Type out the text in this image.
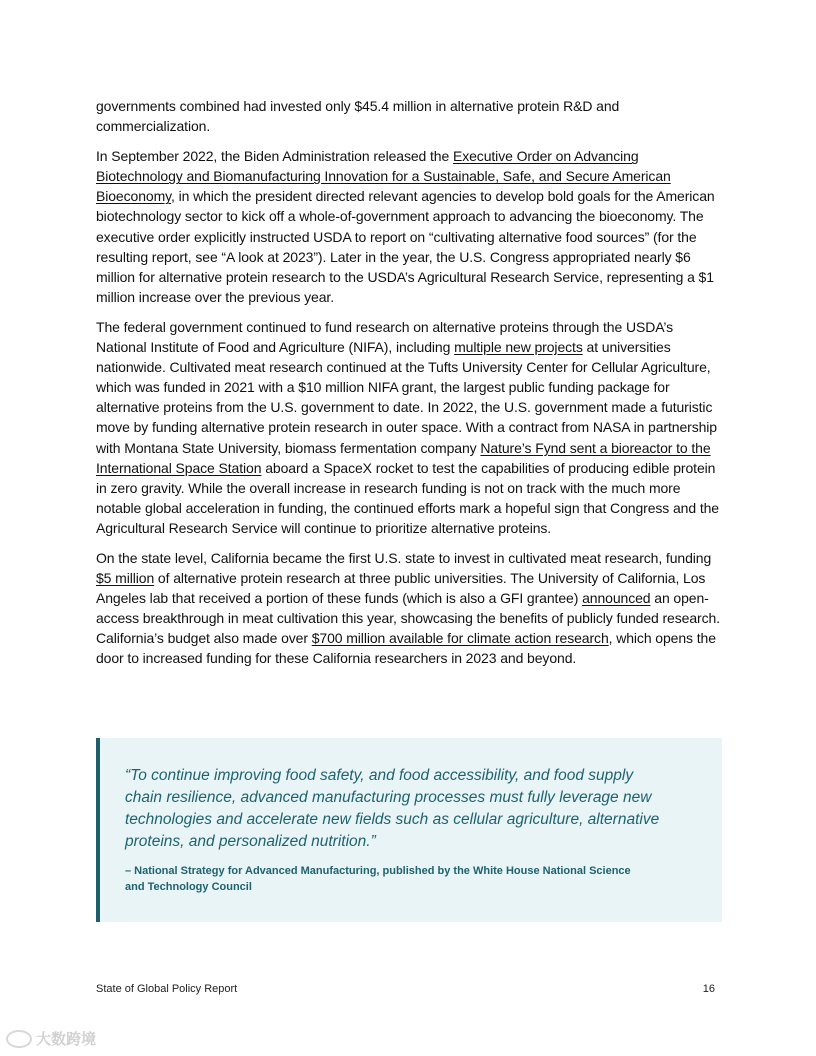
governments combined had invested only $45.4 million in alternative protein R&D and commercialization.

In September 2022, the Biden Administration released the Executive Order on Advancing Biotechnology and Biomanufacturing Innovation for a Sustainable, Safe, and Secure American Bioeconomy, in which the president directed relevant agencies to develop bold goals for the American biotechnology sector to kick off a whole-of-government approach to advancing the bioeconomy. The executive order explicitly instructed USDA to report on “cultivating alternative food sources” (for the resulting report, see “A look at 2023”). Later in the year, the U.S. Congress appropriated nearly $6 million for alternative protein research to the USDA’s Agricultural Research Service, representing a $1 million increase over the previous year.

The federal government continued to fund research on alternative proteins through the USDA’s National Institute of Food and Agriculture (NIFA), including multiple new projects at universities nationwide. Cultivated meat research continued at the Tufts University Center for Cellular Agriculture, which was funded in 2021 with a $10 million NIFA grant, the largest public funding package for alternative proteins from the U.S. government to date. In 2022, the U.S. government made a futuristic move by funding alternative protein research in outer space. With a contract from NASA in partnership with Montana State University, biomass fermentation company Nature’s Fynd sent a bioreactor to the International Space Station aboard a SpaceX rocket to test the capabilities of producing edible protein in zero gravity. While the overall increase in research funding is not on track with the much more notable global acceleration in funding, the continued efforts mark a hopeful sign that Congress and the Agricultural Research Service will continue to prioritize alternative proteins.

On the state level, California became the first U.S. state to invest in cultivated meat research, funding $5 million of alternative protein research at three public universities. The University of California, Los Angeles lab that received a portion of these funds (which is also a GFI grantee) announced an open-access breakthrough in meat cultivation this year, showcasing the benefits of publicly funded research. California’s budget also made over $700 million available for climate action research, which opens the door to increased funding for these California researchers in 2023 and beyond.

“To continue improving food safety, and food accessibility, and food supply chain resilience, advanced manufacturing processes must fully leverage new technologies and accelerate new fields such as cellular agriculture, alternative proteins, and personalized nutrition.”
– National Strategy for Advanced Manufacturing, published by the White House National Science and Technology Council
State of Global Policy Report	16
大数跨境
